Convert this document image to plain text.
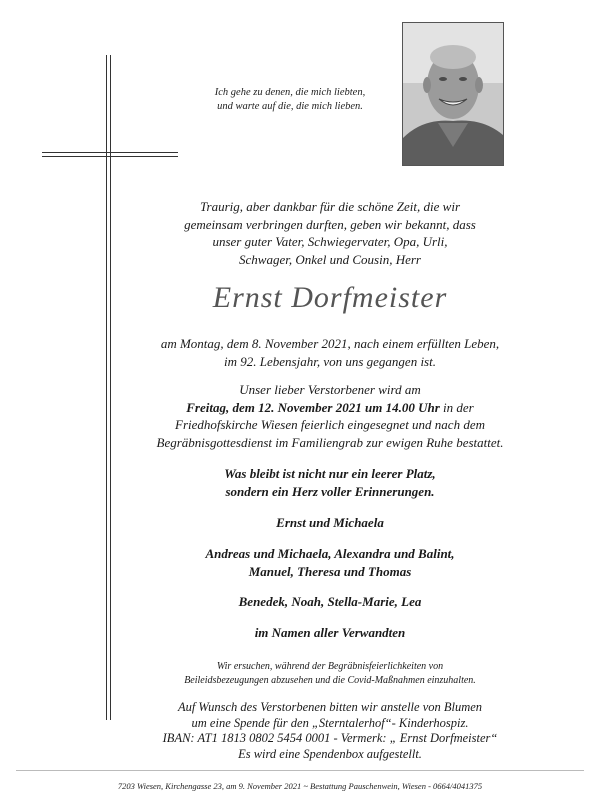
Ich gehe zu denen, die mich liebten,

und warte auf die, die mich lieben.

Traurig, aber dankbar für die schöne Zeit, die wir

gemeinsam verbringen durften, geben wir bekannt, dass

unser guter Vater, Schwiegervater, Opa, Urli,

Schwager, Onkel und Cousin, Herr

Ernst Dorfmeister

am Montag, dem 8. November 2021, nach einem erfüllten Leben,

im 92. Lebensjahr, von uns gegangen ist.

Unser lieber Verstorbener wird am

Freitag, dem 12. November 2021 um 14.00 Uhr in der

Friedhofskirche Wiesen feierlich eingesegnet und nach dem

Begräbnisgottesdienst im Familiengrab zur ewigen Ruhe bestattet.

Was bleibt ist nicht nur ein leerer Platz,

sondern ein Herz voller Erinnerungen.

Ernst und Michaela

Andreas und Michaela, Alexandra und Balint,

Manuel, Theresa und Thomas

Benedek, Noah, Stella-Marie, Lea
im Namen aller Verwandten

Wir ersuchen, während der Begräbnisfeierlichkeiten von

Beileidsbezeugungen abzusehen und die Covid-Maßnahmen einzuhalten.

Auf Wunsch des Verstorbenen bitten wir anstelle von Blumen

um eine Spende für den „Sterntalerhof“- Kinderhospiz.

IBAN: AT1 1813 0802 5454 0001 - Vermerk: „ Ernst Dorfmeister“

Es wird eine Spendenbox aufgestellt.

7203 Wiesen, Kirchengasse 23, am 9. November 2021 ~ Bestattung Pauschenwein, Wiesen - 0664/4041375
